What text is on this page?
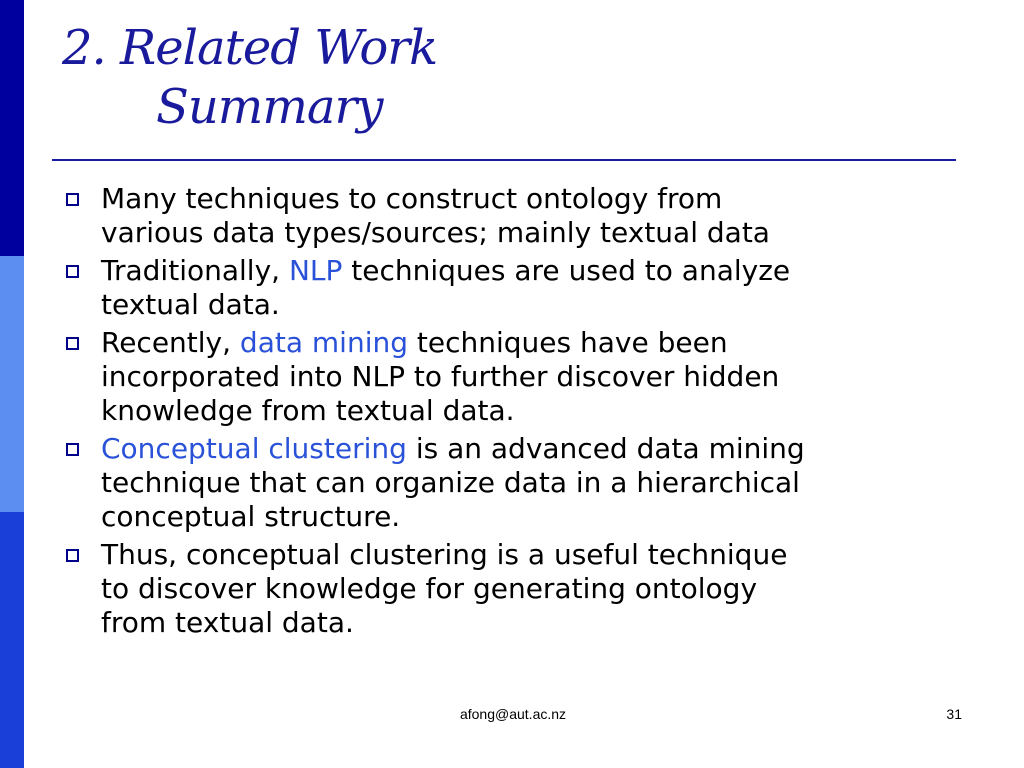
2. Related Work
Summary
Many techniques to construct ontology from
various data types/sources; mainly textual data
Traditionally, NLP techniques are used to analyze
textual data.
Recently, data mining techniques have been
incorporated into NLP to further discover hidden
knowledge from textual data.
Conceptual clustering is an advanced data mining
technique that can organize data in a hierarchical
conceptual structure.
Thus, conceptual clustering is a useful technique
to discover knowledge for generating ontology
from textual data.
afong@aut.ac.nz	31
